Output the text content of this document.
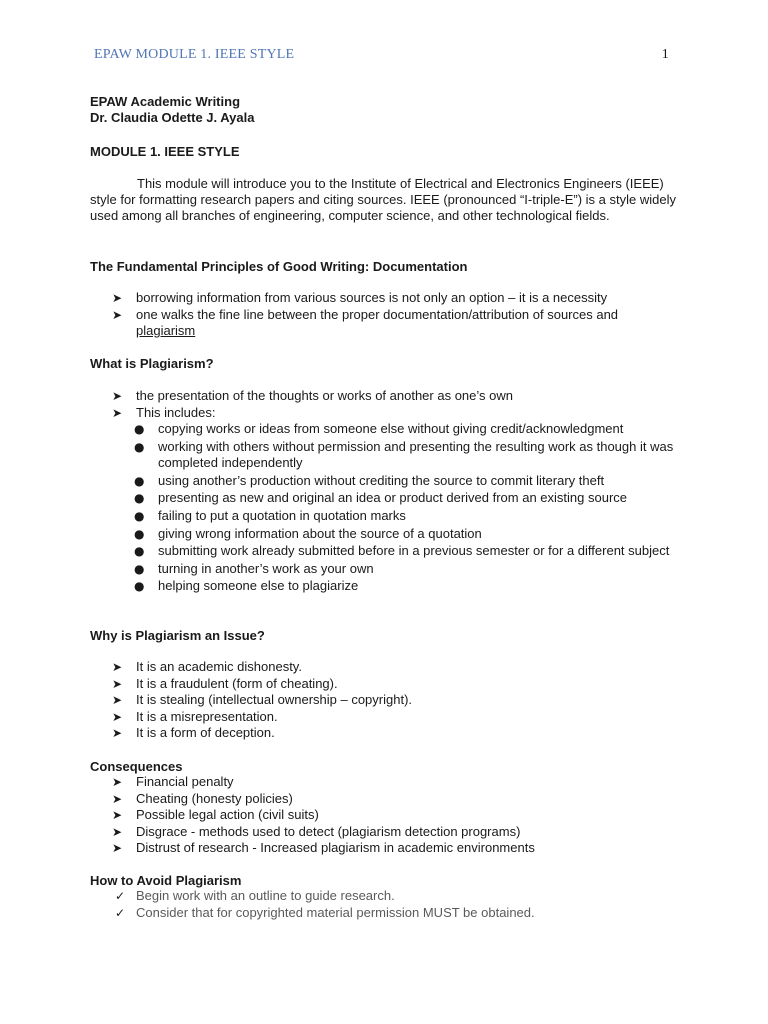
EPAW MODULE 1. IEEE STYLE	1
EPAW Academic Writing
Dr. Claudia Odette J. Ayala
MODULE 1. IEEE STYLE
This module will introduce you to the Institute of Electrical and Electronics Engineers (IEEE) style for formatting research papers and citing sources. IEEE (pronounced “I-triple-E”) is a style widely used among all branches of engineering, computer science, and other technological fields.
The Fundamental Principles of Good Writing: Documentation
➤ borrowing information from various sources is not only an option – it is a necessity
➤ one walks the fine line between the proper documentation/attribution of sources and
plagiarism
What is Plagiarism?
➤ the presentation of the thoughts or works of another as one’s own
➤ This includes:
● copying works or ideas from someone else without giving credit/acknowledgment
● working with others without permission and presenting the resulting work as though it was completed independently
● using another’s production without crediting the source to commit literary theft
● presenting as new and original an idea or product derived from an existing source
● failing to put a quotation in quotation marks
● giving wrong information about the source of a quotation
● submitting work already submitted before in a previous semester or for a different subject
● turning in another’s work as your own
● helping someone else to plagiarize
Why is Plagiarism an Issue?
➤ It is an academic dishonesty.
➤ It is a fraudulent (form of cheating).
➤ It is stealing (intellectual ownership – copyright).
➤ It is a misrepresentation.
➤ It is a form of deception.
Consequences
➤ Financial penalty
➤ Cheating (honesty policies)
➤ Possible legal action (civil suits)
➤ Disgrace - methods used to detect (plagiarism detection programs)
➤ Distrust of research - Increased plagiarism in academic environments
How to Avoid Plagiarism
✓ Begin work with an outline to guide research.
✓ Consider that for copyrighted material permission MUST be obtained.
